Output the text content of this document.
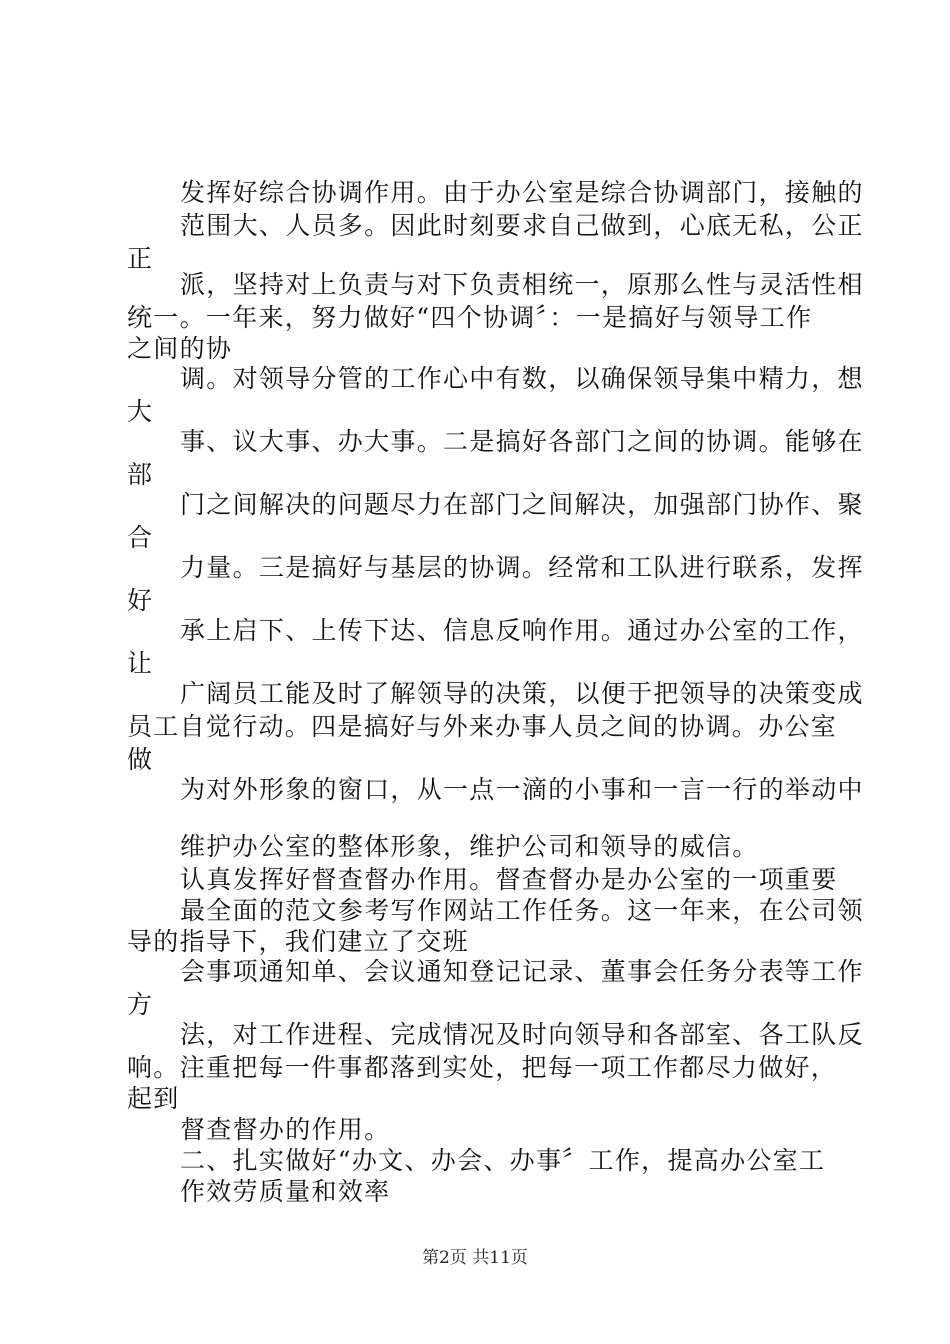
发挥好综合协调作用。由于办公室是综合协调部门，接触的
范围大、人员多。因此时刻要求自己做到，心底无私，公正
正
派，坚持对上负责与对下负责相统一，原那么性与灵活性相
统一。一年来，努力做好“四个协调〞：一是搞好与领导工作
之间的协
调。对领导分管的工作心中有数，以确保领导集中精力，想
大
事、议大事、办大事。二是搞好各部门之间的协调。能够在
部
门之间解决的问题尽力在部门之间解决，加强部门协作、聚
合
力量。三是搞好与基层的协调。经常和工队进行联系，发挥
好
承上启下、上传下达、信息反响作用。通过办公室的工作，
让
广阔员工能及时了解领导的决策，以便于把领导的决策变成
员工自觉行动。四是搞好与外来办事人员之间的协调。办公室
做
为对外形象的窗口，从一点一滴的小事和一言一行的举动中
维护办公室的整体形象，维护公司和领导的威信。
认真发挥好督查督办作用。督查督办是办公室的一项重要
最全面的范文参考写作网站工作任务。这一年来，在公司领
导的指导下，我们建立了交班
会事项通知单、会议通知登记记录、董事会任务分表等工作
方
法，对工作进程、完成情况及时向领导和各部室、各工队反
响。注重把每一件事都落到实处，把每一项工作都尽力做好，
起到
督查督办的作用。
二、扎实做好“办文、办会、办事〞工作，提高办公室工
作效劳质量和效率
第2页 共11页
